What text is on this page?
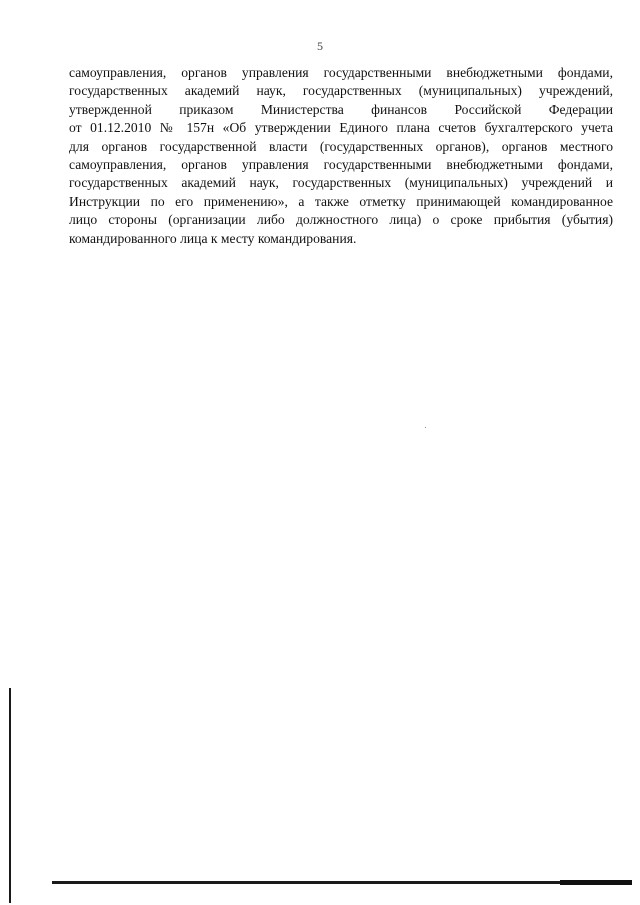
5
самоуправления, органов управления государственными внебюджетными фондами,
государственных академий наук, государственных (муниципальных) учреждений,
утвержденной приказом Министерства финансов Российской Федерации
от 01.12.2010 № 157н «Об утверждении Единого плана счетов бухгалтерского учета
для органов государственной власти (государственных органов), органов местного
самоуправления, органов управления государственными внебюджетными фондами,
государственных академий наук, государственных (муниципальных) учреждений и
Инструкции по его применению», а также отметку принимающей командированное
лицо стороны (организации либо должностного лица) о сроке прибытия (убытия)
командированного лица к месту командирования.
